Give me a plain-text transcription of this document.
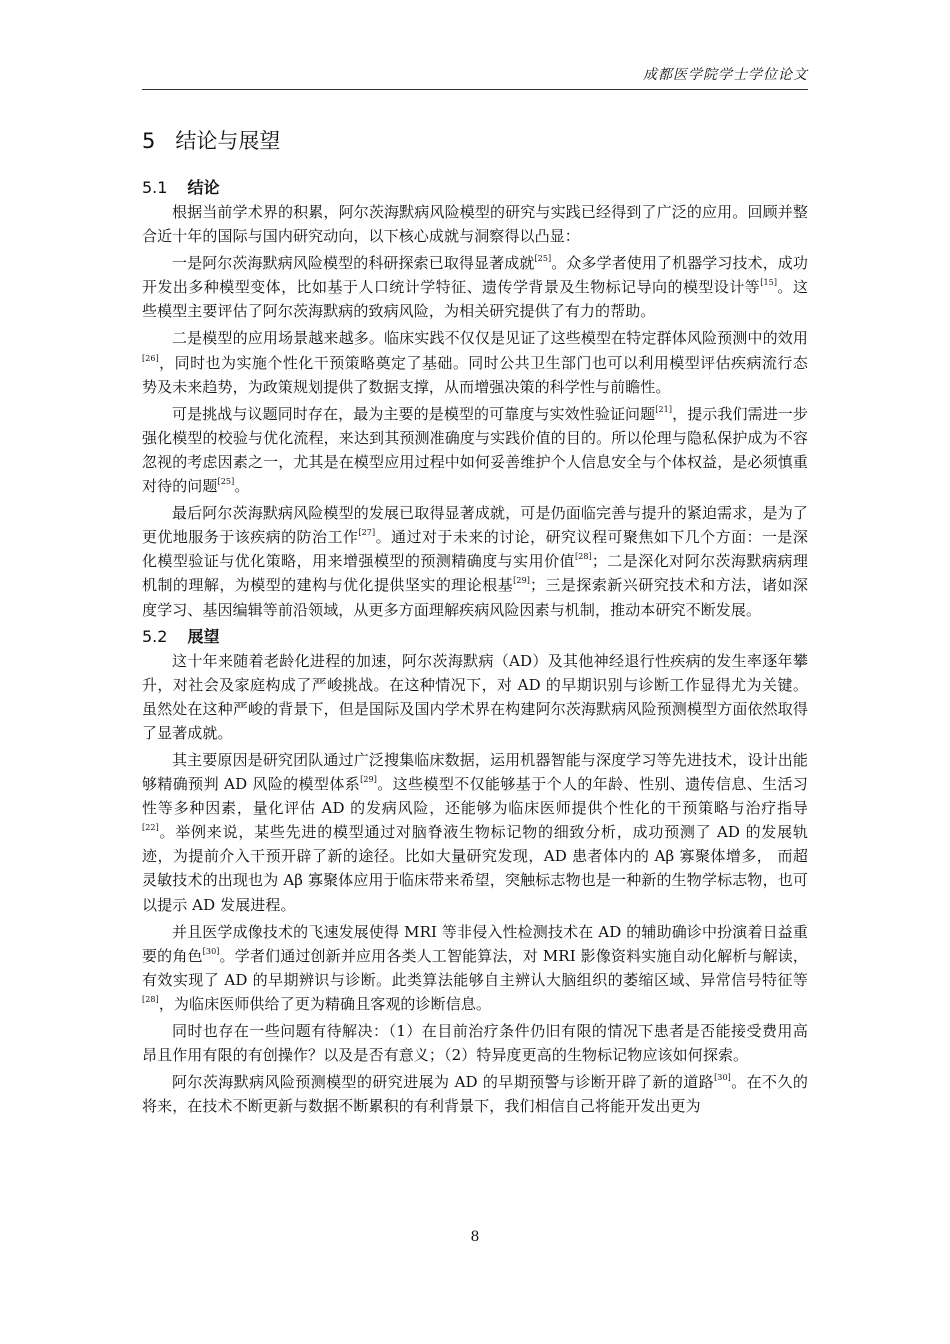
成都医学院学士学位论文
5 结论与展望
5.1 结论

根据当前学术界的积累，阿尔茨海默病风险模型的研究与实践已经得到了广泛的应用。回顾并整合近十年的国际与国内研究动向，以下核心成就与洞察得以凸显：

一是阿尔茨海默病风险模型的科研探索已取得显著成就[25]。众多学者使用了机器学习技术，成功开发出多种模型变体，比如基于人口统计学特征、遗传学背景及生物标记导向的模型设计等[15]。这些模型主要评估了阿尔茨海默病的致病风险，为相关研究提供了有力的帮助。

二是模型的应用场景越来越多。临床实践不仅仅是见证了这些模型在特定群体风险预测中的效用[26]，同时也为实施个性化干预策略奠定了基础。同时公共卫生部门也可以利用模型评估疾病流行态势及未来趋势，为政策规划提供了数据支撑，从而增强决策的科学性与前瞻性。

可是挑战与议题同时存在，最为主要的是模型的可靠度与实效性验证问题[21]，提示我们需进一步强化模型的校验与优化流程，来达到其预测准确度与实践价值的目的。所以伦理与隐私保护成为不容忽视的考虑因素之一，尤其是在模型应用过程中如何妥善维护个人信息安全与个体权益，是必须慎重对待的问题[25]。

最后阿尔茨海默病风险模型的发展已取得显著成就，可是仍面临完善与提升的紧迫需求，是为了更优地服务于该疾病的防治工作[27]。通过对于未来的讨论，研究议程可聚焦如下几个方面：一是深化模型验证与优化策略，用来增强模型的预测精确度与实用价值[28]；二是深化对阿尔茨海默病病理机制的理解，为模型的建构与优化提供坚实的理论根基[29]；三是探索新兴研究技术和方法，诸如深度学习、基因编辑等前沿领域，从更多方面理解疾病风险因素与机制，推动本研究不断发展。

5.2 展望

这十年来随着老龄化进程的加速，阿尔茨海默病（AD）及其他神经退行性疾病的发生率逐年攀升，对社会及家庭构成了严峻挑战。在这种情况下，对 AD 的早期识别与诊断工作显得尤为关键。虽然处在这种严峻的背景下，但是国际及国内学术界在构建阿尔茨海默病风险预测模型方面依然取得了显著成就。

其主要原因是研究团队通过广泛搜集临床数据，运用机器智能与深度学习等先进技术，设计出能够精确预判 AD 风险的模型体系[29]。这些模型不仅能够基于个人的年龄、性别、遗传信息、生活习性等多种因素，量化评估 AD 的发病风险，还能够为临床医师提供个性化的干预策略与治疗指导[22]。举例来说，某些先进的模型通过对脑脊液生物标记物的细致分析，成功预测了 AD 的发展轨迹，为提前介入干预开辟了新的途径。比如大量研究发现，AD 患者体内的 Aβ 寡聚体增多， 而超灵敏技术的出现也为 Aβ 寡聚体应用于临床带来希望，突触标志物也是一种新的生物学标志物，也可以提示 AD 发展进程。

并且医学成像技术的飞速发展使得 MRI 等非侵入性检测技术在 AD 的辅助确诊中扮演着日益重要的角色[30]。学者们通过创新并应用各类人工智能算法，对 MRI 影像资料实施自动化解析与解读，有效实现了 AD 的早期辨识与诊断。此类算法能够自主辨认大脑组织的萎缩区域、异常信号特征等[28]，为临床医师供给了更为精确且客观的诊断信息。

同时也存在一些问题有待解决：（1）在目前治疗条件仍旧有限的情况下患者是否能接受费用高昂且作用有限的有创操作？以及是否有意义；（2）特异度更高的生物标记物应该如何探索。

阿尔茨海默病风险预测模型的研究进展为 AD 的早期预警与诊断开辟了新的道路[30]。在不久的将来，在技术不断更新与数据不断累积的有利背景下，我们相信自己将能开发出更为

8
